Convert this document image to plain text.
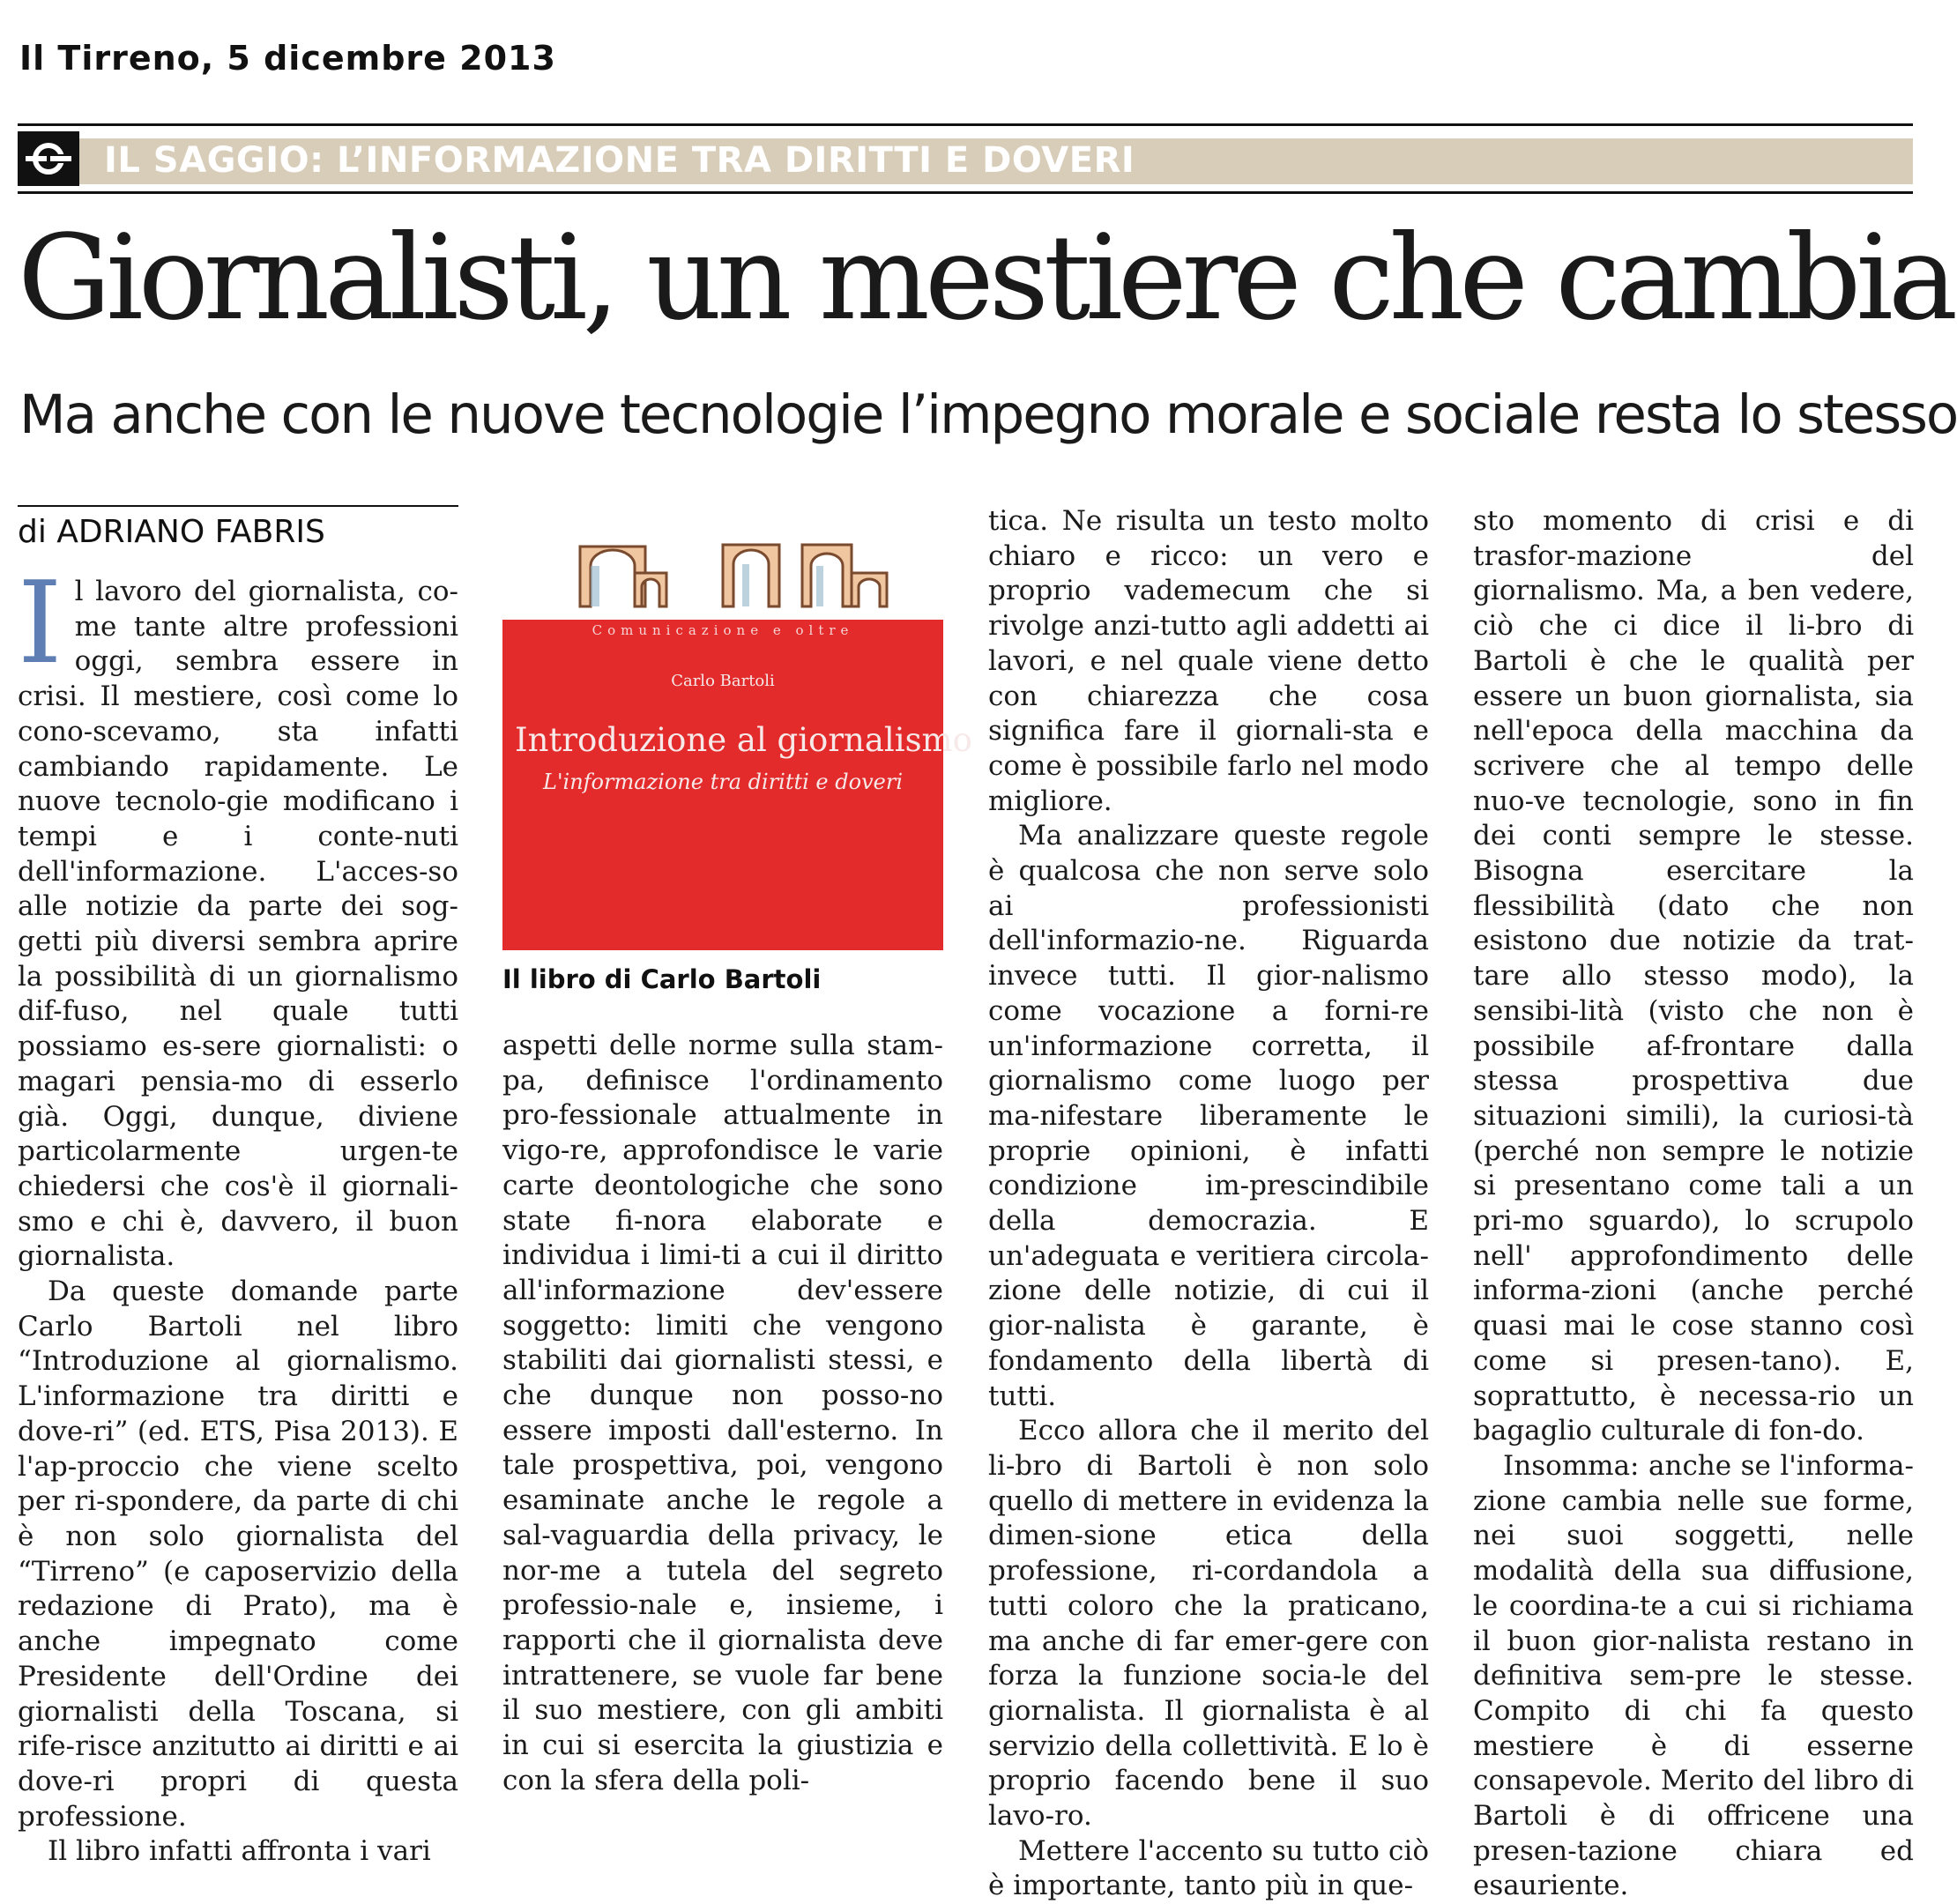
Il Tirreno, 5 dicembre 2013
IL SAGGIO: L’INFORMAZIONE TRA DIRITTI E DOVERI
Giornalisti, un mestiere che cambia
Ma anche con le nuove tecnologie l’impegno morale e sociale resta lo stesso
di ADRIANO FABRIS

Il lavoro del giornalista, co-me tante altre professioni oggi, sembra essere in crisi. Il mestiere, così come lo cono-scevamo, sta infatti cambiando rapidamente. Le nuove tecnolo-gie modificano i tempi e i conte-nuti dell'informazione. L'acces-so alle notizie da parte dei sog-getti più diversi sembra aprire la possibilità di un giornalismo dif-fuso, nel quale tutti possiamo es-sere giornalisti: o magari pensia-mo di esserlo già. Oggi, dunque, diviene particolarmente urgen-te chiedersi che cos'è il giornali-smo e chi è, davvero, il buon giornalista.

Da queste domande parte Carlo Bartoli nel libro “Introduzione al giornalismo. L'informazione tra diritti e dove-ri” (ed. ETS, Pisa 2013). E l'ap-proccio che viene scelto per ri-spondere, da parte di chi è non solo giornalista del “Tirreno” (e caposervizio della redazione di Prato), ma è anche impegnato come Presidente dell'Ordine dei giornalisti della Toscana, si rife-risce anzitutto ai diritti e ai dove-ri propri di questa professione.

Il libro infatti affronta i vari

Comunicazione e oltre
Carlo Bartoli
Introduzione al giornalismo
L'informazione tra diritti e doveri
Il libro di Carlo Bartoli

aspetti delle norme sulla stam-pa, definisce l'ordinamento pro-fessionale attualmente in vigo-re, approfondisce le varie carte deontologiche che sono state fi-nora elaborate e individua i limi-ti a cui il diritto all'informazione dev'essere soggetto: limiti che vengono stabiliti dai giornalisti stessi, e che dunque non posso-no essere imposti dall'esterno. In tale prospettiva, poi, vengono esaminate anche le regole a sal-vaguardia della privacy, le nor-me a tutela del segreto professio-nale e, insieme, i rapporti che il giornalista deve intrattenere, se vuole far bene il suo mestiere, con gli ambiti in cui si esercita la giustizia e con la sfera della poli-

tica. Ne risulta un testo molto chiaro e ricco: un vero e proprio vademecum che si rivolge anzi-tutto agli addetti ai lavori, e nel quale viene detto con chiarezza che cosa significa fare il giornali-sta e come è possibile farlo nel modo migliore.

Ma analizzare queste regole è qualcosa che non serve solo ai professionisti dell'informazio-ne. Riguarda invece tutti. Il gior-nalismo come vocazione a forni-re un'informazione corretta, il giornalismo come luogo per ma-nifestare liberamente le proprie opinioni, è infatti condizione im-prescindibile della democrazia. E un'adeguata e veritiera circola-zione delle notizie, di cui il gior-nalista è garante, è fondamento della libertà di tutti.

Ecco allora che il merito del li-bro di Bartoli è non solo quello di mettere in evidenza la dimen-sione etica della professione, ri-cordandola a tutti coloro che la praticano, ma anche di far emer-gere con forza la funzione socia-le del giornalista. Il giornalista è al servizio della collettività. E lo è proprio facendo bene il suo lavo-ro.

Mettere l'accento su tutto ciò è importante, tanto più in que-

sto momento di crisi e di trasfor-mazione del giornalismo. Ma, a ben vedere, ciò che ci dice il li-bro di Bartoli è che le qualità per essere un buon giornalista, sia nell'epoca della macchina da scrivere che al tempo delle nuo-ve tecnologie, sono in fin dei conti sempre le stesse. Bisogna esercitare la flessibilità (dato che non esistono due notizie da trat-tare allo stesso modo), la sensibi-lità (visto che non è possibile af-frontare dalla stessa prospettiva due situazioni simili), la curiosi-tà (perché non sempre le notizie si presentano come tali a un pri-mo sguardo), lo scrupolo nell' approfondimento delle informa-zioni (anche perché quasi mai le cose stanno così come si presen-tano). E, soprattutto, è necessa-rio un bagaglio culturale di fon-do.

Insomma: anche se l'informa-zione cambia nelle sue forme, nei suoi soggetti, nelle modalità della sua diffusione, le coordina-te a cui si richiama il buon gior-nalista restano in definitiva sem-pre le stesse. Compito di chi fa questo mestiere è di esserne consapevole. Merito del libro di Bartoli è di offricene una presen-tazione chiara ed esauriente.
